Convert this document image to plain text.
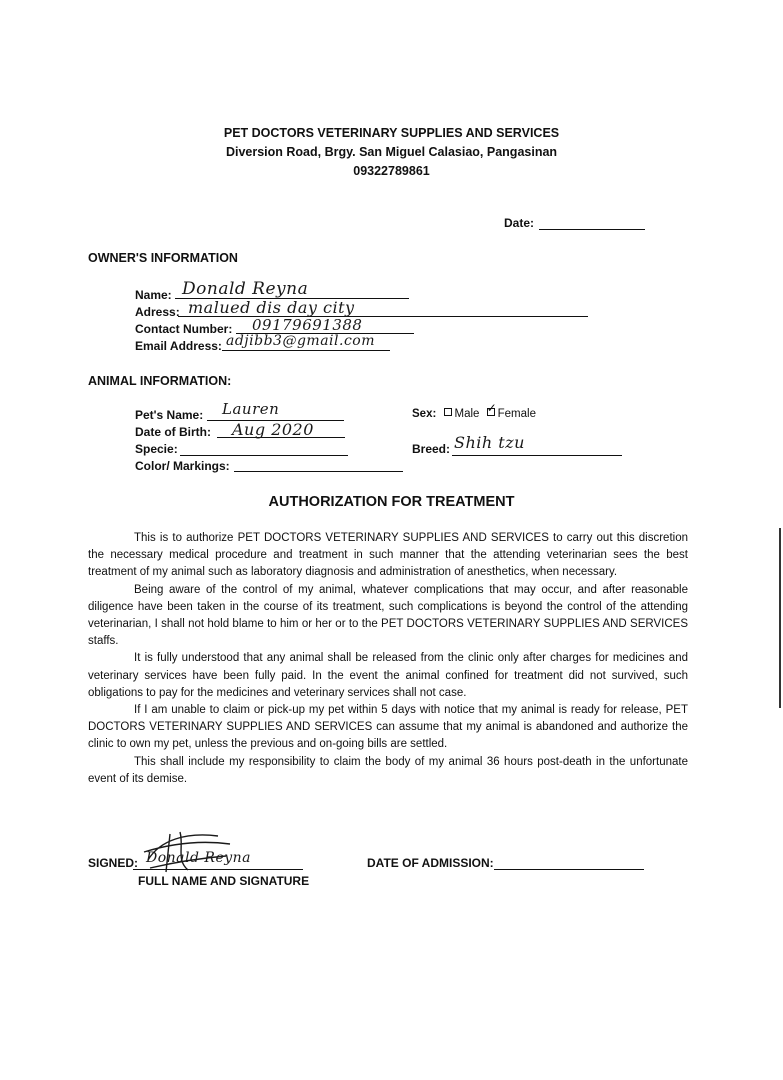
PET DOCTORS VETERINARY SUPPLIES AND SERVICES
Diversion Road, Brgy. San Miguel Calasiao, Pangasinan
09322789861
Date:
OWNER'S INFORMATION
Name: Donald Reyna
Adress: malued dis day city
Contact Number: 09179691388
Email Address: adjibb3@gmail.com
ANIMAL INFORMATION:
Pet's Name: Lauren
Date of Birth: Aug 2020
Specie:
Color/ Markings:
Sex: Male ✓ Female
Breed: Shih tzu
AUTHORIZATION FOR TREATMENT

This is to authorize PET DOCTORS VETERINARY SUPPLIES AND SERVICES to carry out this discretion the necessary medical procedure and treatment in such manner that the attending veterinarian sees the best treatment of my animal such as laboratory diagnosis and administration of anesthetics, when necessary.

Being aware of the control of my animal, whatever complications that may occur, and after reasonable diligence have been taken in the course of its treatment, such complications is beyond the control of the attending veterinarian, I shall not hold blame to him or her or to the PET DOCTORS VETERINARY SUPPLIES AND SERVICES staffs.

It is fully understood that any animal shall be released from the clinic only after charges for medicines and veterinary services have been fully paid. In the event the animal confined for treatment did not survived, such obligations to pay for the medicines and veterinary services shall not case.

If I am unable to claim or pick-up my pet within 5 days with notice that my animal is ready for release, PET DOCTORS VETERINARY SUPPLIES AND SERVICES can assume that my animal is abandoned and authorize the clinic to own my pet, unless the previous and on-going bills are settled.

This shall include my responsibility to claim the body of my animal 36 hours post-death in the unfortunate event of its demise.

SIGNED: Donald Reyna
FULL NAME AND SIGNATURE
DATE OF ADMISSION:
